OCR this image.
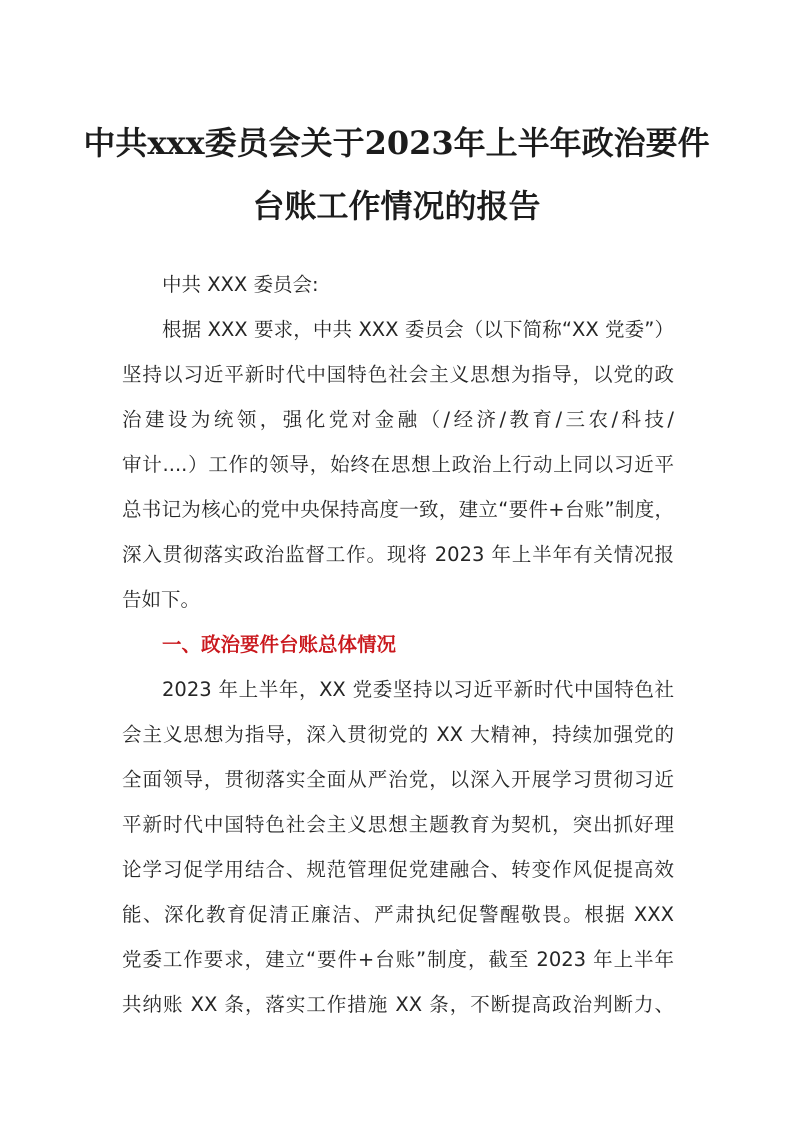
中共xxx委员会关于2023年上半年政治要件
台账工作情况的报告
中共 XXX 委员会:
根据 XXX 要求，中共 XXX 委员会（以下简称“XX 党委”）
坚持以习近平新时代中国特色社会主义思想为指导，以党的政
治建设为统领，强化党对金融（/经济/教育/三农/科技/
审计....）工作的领导，始终在思想上政治上行动上同以习近平
总书记为核心的党中央保持高度一致，建立“要件+台账”制度，
深入贯彻落实政治监督工作。现将 2023 年上半年有关情况报
告如下。
一、政治要件台账总体情况
2023 年上半年，XX 党委坚持以习近平新时代中国特色社
会主义思想为指导，深入贯彻党的 XX 大精神，持续加强党的
全面领导，贯彻落实全面从严治党，以深入开展学习贯彻习近
平新时代中国特色社会主义思想主题教育为契机，突出抓好理
论学习促学用结合、规范管理促党建融合、转变作风促提高效
能、深化教育促清正廉洁、严肃执纪促警醒敬畏。根据 XXX
党委工作要求，建立“要件+台账”制度，截至 2023 年上半年
共纳账 XX 条，落实工作措施 XX 条，不断提高政治判断力、
